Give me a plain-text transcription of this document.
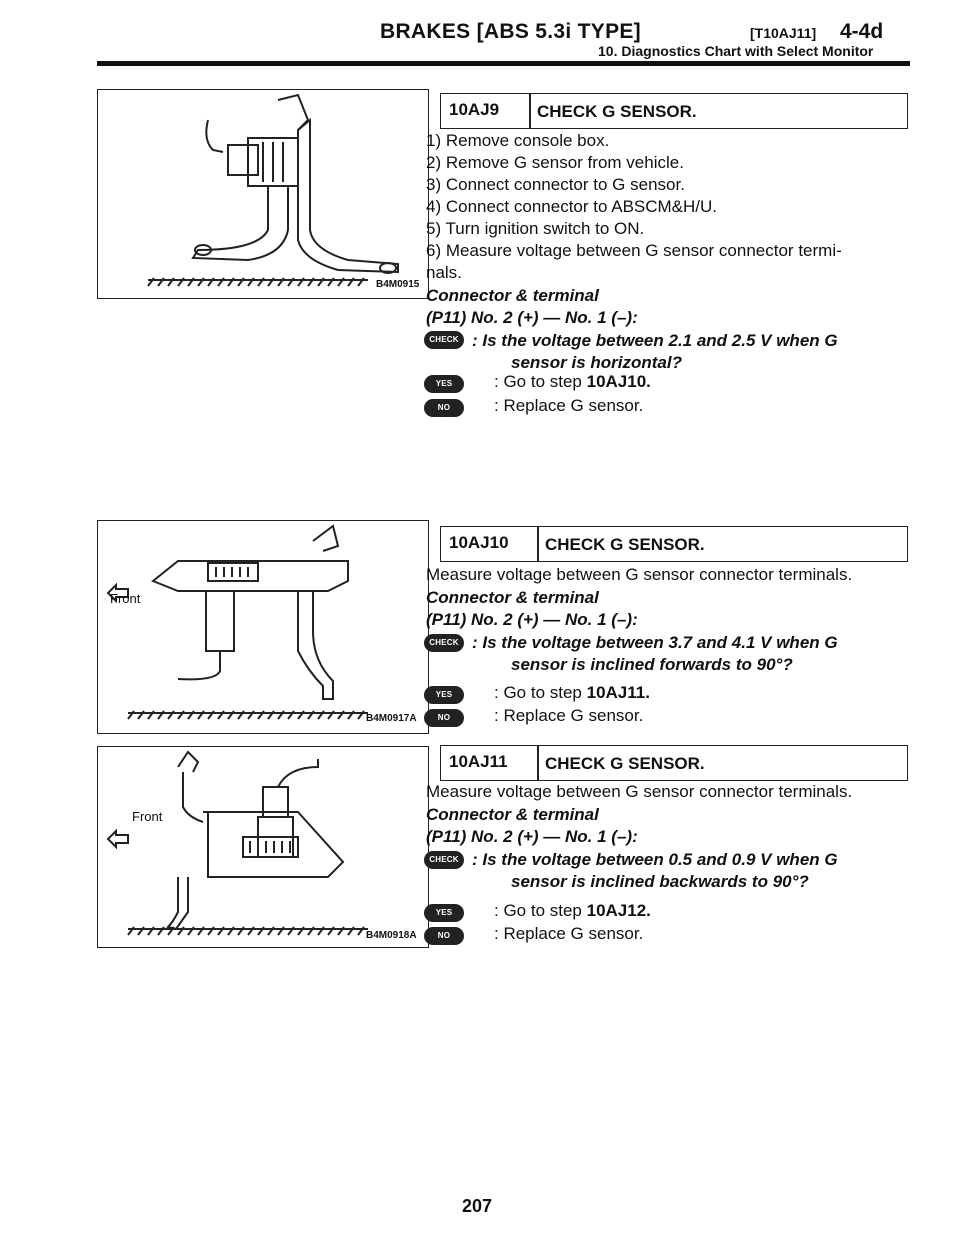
BRAKES [ABS 5.3i TYPE]	[T10AJ11] 4-4d
10. Diagnostics Chart with Select Monitor
B4M0915
Front
B4M0917A
Front
B4M0918A
10AJ9 CHECK G SENSOR.
1) Remove console box.
2) Remove G sensor from vehicle.
3) Connect connector to G sensor.
4) Connect connector to ABSCM&H/U.
5) Turn ignition switch to ON.
6) Measure voltage between G sensor connector termi-
nals.
Connector & terminal
(P11) No. 2 (+) — No. 1 (–):
CHECK : Is the voltage between 2.1 and 2.5 V when G
sensor is horizontal?
YES	: Go to step 10AJ10.
NO	: Replace G sensor.
10AJ10 CHECK G SENSOR.
Measure voltage between G sensor connector terminals.
Connector & terminal
(P11) No. 2 (+) — No. 1 (–):
CHECK : Is the voltage between 3.7 and 4.1 V when G
sensor is inclined forwards to 90°?
YES	: Go to step 10AJ11.
NO	: Replace G sensor.
10AJ11 CHECK G SENSOR.
Measure voltage between G sensor connector terminals.
Connector & terminal
(P11) No. 2 (+) — No. 1 (–):
CHECK : Is the voltage between 0.5 and 0.9 V when G
sensor is inclined backwards to 90°?
YES	: Go to step 10AJ12.
NO	: Replace G sensor.
207
